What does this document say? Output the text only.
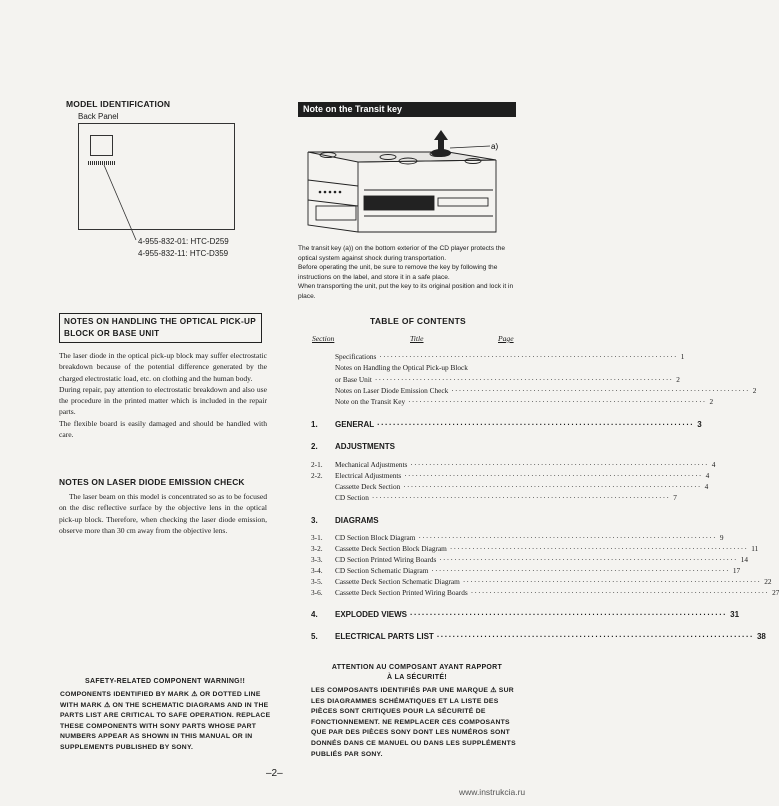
MODEL IDENTIFICATION
Back Panel
4-955-832-01: HTC-D259
4-955-832-11: HTC-D359
Note on the Transit key
a)
The transit key (a)) on the bottom exterior of the CD player protects the optical system against shock during transportation.
Before operating the unit, be sure to remove the key by following the instructions on the label, and store it in a safe place.
When transporting the unit, put the key to its original position and lock it in place.
NOTES ON HANDLING THE OPTICAL PICK-UP BLOCK OR BASE UNIT
The laser diode in the optical pick-up block may suffer electrostatic breakdown because of the potential difference generated by the charged electrostatic load, etc. on clothing and the human body.
During repair, pay attention to electrostatic breakdown and also use the procedure in the printed matter which is included in the repair parts.
The flexible board is easily damaged and should be handled with care.
NOTES ON LASER DIODE EMISSION CHECK
The laser beam on this model is concentrated so as to be focused on the disc reflective surface by the objective lens in the optical pick-up block. Therefore, when checking the laser diode emission, observe more than 30 cm away from the objective lens.
TABLE OF CONTENTS
Section	Title	Page
Specifications ················································································ 1
Notes on Handling the Optical Pick-up Block
or Base Unit ················································································ 2
Notes on Laser Diode Emission Check ················································································ 2
Note on the Transit Key ················································································ 2
1.	GENERAL ················································································ 3
2.	ADJUSTMENTS
2-1.	Mechanical Adjustments ················································································ 4
2-2.	Electrical Adjustments ················································································ 4
Cassette Deck Section ················································································ 4
CD Section ················································································ 7
3.	DIAGRAMS
3-1.	CD Section Block Diagram ················································································ 9
3-2.	Cassette Deck Section Block Diagram ················································································ 11
3-3.	CD Section Printed Wiring Boards ················································································ 14
3-4.	CD Section Schematic Diagram ················································································ 17
3-5.	Cassette Deck Section Schematic Diagram ················································································ 22
3-6.	Cassette Deck Section Printed Wiring Boards ················································································ 27
4.	EXPLODED VIEWS ················································································ 31
5.	ELECTRICAL PARTS LIST ················································································ 38
SAFETY-RELATED COMPONENT WARNING!!
COMPONENTS IDENTIFIED BY MARK ⚠ OR DOTTED LINE WITH MARK ⚠ ON THE SCHEMATIC DIAGRAMS AND IN THE PARTS LIST ARE CRITICAL TO SAFE OPERATION. REPLACE THESE COMPONENTS WITH SONY PARTS WHOSE PART NUMBERS APPEAR AS SHOWN IN THIS MANUAL OR IN SUPPLEMENTS PUBLISHED BY SONY.
ATTENTION AU COMPOSANT AYANT RAPPORT
À LA SÉCURITÉ!
LES COMPOSANTS IDENTIFIÉS PAR UNE MARQUE ⚠ SUR LES DIAGRAMMES SCHÉMATIQUES ET LA LISTE DES PIÈCES SONT CRITIQUES POUR LA SÉCURITÉ DE FONCTIONNEMENT. NE REMPLACER CES COMPOSANTS QUE PAR DES PIÈCES SONY DONT LES NUMÉROS SONT DONNÉS DANS CE MANUEL OU DANS LES SUPPLÉMENTS PUBLIÉS PAR SONY.
–2–
www.instrukcia.ru
